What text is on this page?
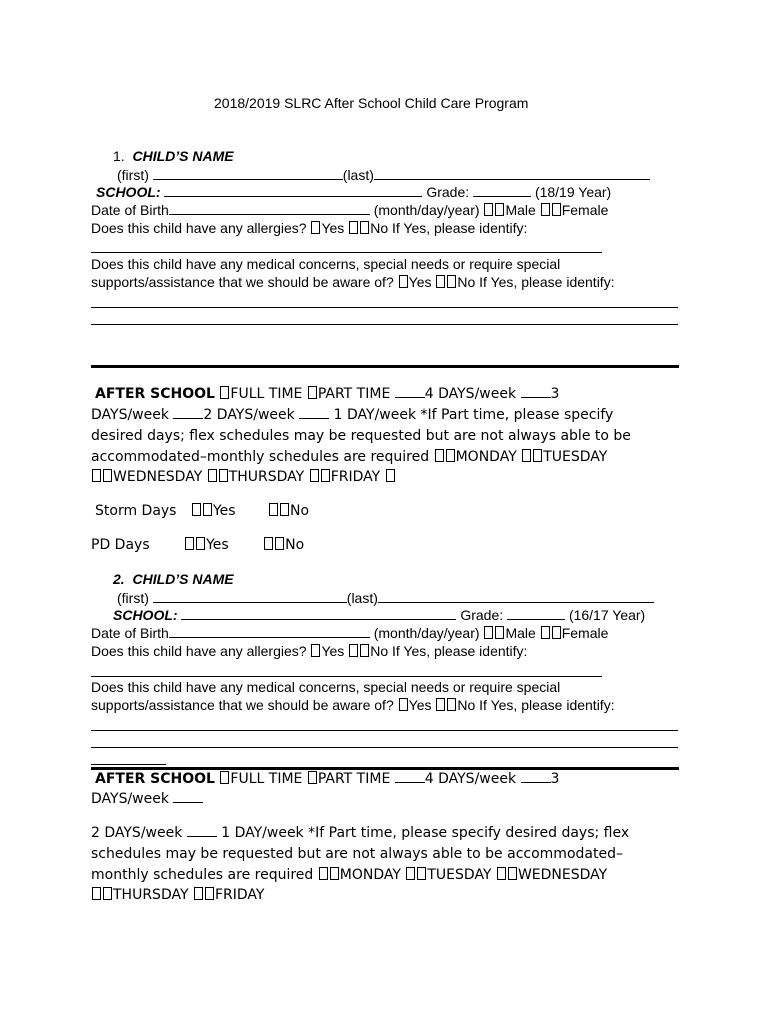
2018/2019 SLRC After School Child Care Program
1. CHILD’S NAME
(first)	(last)
SCHOOL:	Grade:	(18/19 Year)
Date of Birth	(month/day/year) Male Female
Does this child have any allergies? Yes No If Yes, please identify:
Does this child have any medical concerns, special needs or require special
supports/assistance that we should be aware of? Yes No If Yes, please identify:
AFTER SCHOOL FULL TIME PART TIME 4 DAYS/week 3
DAYS/week 2 DAYS/week	1 DAY/week *If Part time, please specify
desired days; flex schedules may be requested but are not always able to be
accommodated–monthly schedules are required MONDAY TUESDAY
WEDNESDAY THURSDAY FRIDAY
Storm Days	Yes	No
PD Days	Yes	No
2. CHILD’S NAME
(first)	(last)
SCHOOL:	Grade:	(16/17 Year)
Date of Birth	(month/day/year) Male Female
Does this child have any allergies? Yes No If Yes, please identify:
Does this child have any medical concerns, special needs or require special
supports/assistance that we should be aware of? Yes No If Yes, please identify:
AFTER SCHOOL FULL TIME PART TIME 4 DAYS/week 3
DAYS/week
2 DAYS/week	1 DAY/week *If Part time, please specify desired days; flex
schedules may be requested but are not always able to be accommodated–
monthly schedules are required MONDAY TUESDAY WEDNESDAY
THURSDAY FRIDAY
